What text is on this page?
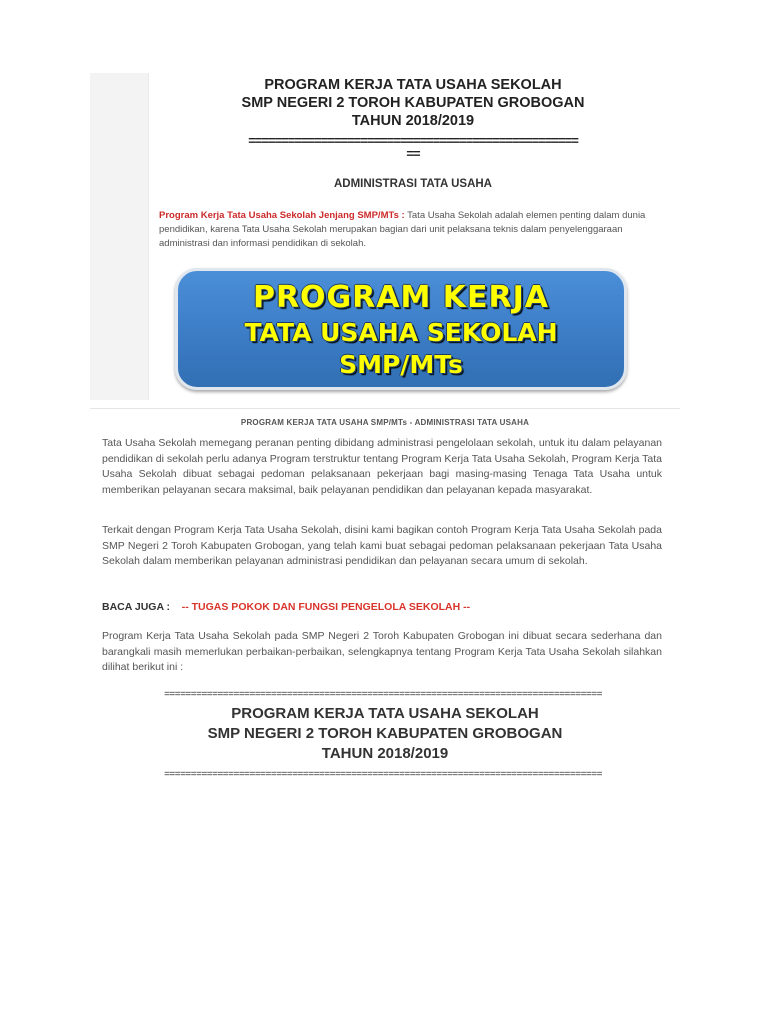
PROGRAM KERJA TATA USAHA SEKOLAH

SMP NEGERI 2 TOROH KABUPATEN GROBOGAN

TAHUN 2018/2019

==================================================
==
ADMINISTRASI TATA USAHA
Program Kerja Tata Usaha Sekolah Jenjang SMP/MTs : Tata Usaha Sekolah adalah elemen penting dalam dunia pendidikan, karena Tata Usaha Sekolah merupakan bagian dari unit pelaksana teknis dalam penyelenggaraan administrasi dan informasi pendidikan di sekolah.
PROGRAM KERJA
TATA USAHA SEKOLAH
SMP/MTs
PROGRAM KERJA TATA USAHA SMP/MTs - ADMINISTRASI TATA USAHA

Tata Usaha Sekolah memegang peranan penting dibidang administrasi pengelolaan sekolah, untuk itu dalam pelayanan pendidikan di sekolah perlu adanya Program terstruktur tentang Program Kerja Tata Usaha Sekolah, Program Kerja Tata Usaha Sekolah dibuat sebagai pedoman pelaksanaan pekerjaan bagi masing-masing Tenaga Tata Usaha untuk memberikan pelayanan secara maksimal, baik pelayanan pendidikan dan pelayanan kepada masyarakat.

Terkait dengan Program Kerja Tata Usaha Sekolah, disini kami bagikan contoh Program Kerja Tata Usaha Sekolah pada SMP Negeri 2 Toroh Kabupaten Grobogan, yang telah kami buat sebagai pedoman pelaksanaan pekerjaan Tata Usaha Sekolah dalam memberikan pelayanan administrasi pendidikan dan pelayanan secara umum di sekolah.

BACA JUGA : -- TUGAS POKOK DAN FUNGSI PENGELOLA SEKOLAH --

Program Kerja Tata Usaha Sekolah pada SMP Negeri 2 Toroh Kabupaten Grobogan ini dibuat secara sederhana dan barangkali masih memerlukan perbaikan-perbaikan, selengkapnya tentang Program Kerja Tata Usaha Sekolah silahkan dilihat berikut ini :

==================================================================================
PROGRAM KERJA TATA USAHA SEKOLAH
SMP NEGERI 2 TOROH KABUPATEN GROBOGAN
TAHUN 2018/2019
==================================================================================
